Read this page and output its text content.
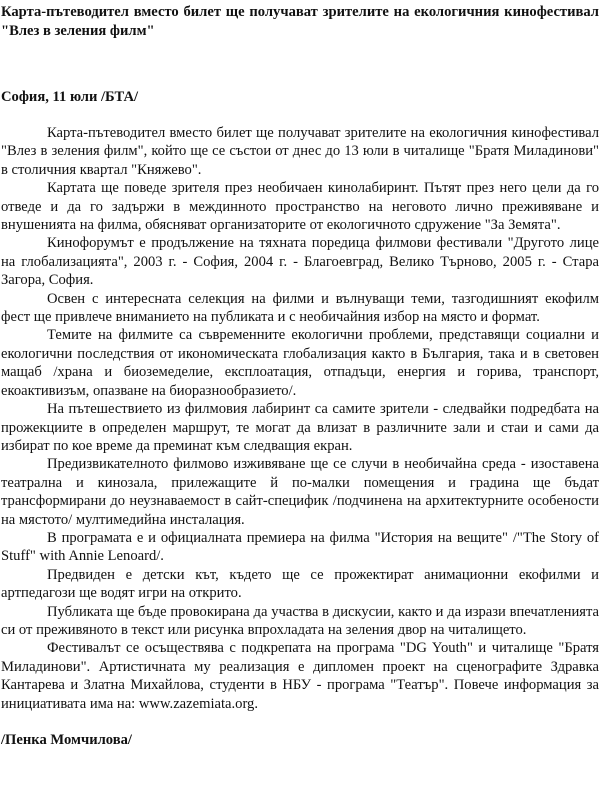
Карта-пътеводител вместо билет ще получават зрителите на екологичния кинофестивал "Влез в зеления филм"

София, 11 юли /БТА/

Карта-пътеводител вместо билет ще получават зрителите на екологичния кинофестивал "Влез в зеления филм", който ще се състои от днес до 13 юли в читалище "Братя Миладинови" в столичния квартал "Княжево".

Картата ще поведе зрителя през необичаен кинолабиринт. Пътят през него цели да го отведе и да го задържи в междинното пространство на неговото лично преживяване и внушенията на филма, обясняват организаторите от екологичното сдружение "За Земята".

Кинофорумът е продължение на тяхната поредица филмови фестивали "Другото лице на глобализацията", 2003 г. - София, 2004 г. - Благоевград, Велико Търново, 2005 г. - Стара Загора, София.

Освен с интересната селекция на филми и вълнуващи теми, тазгодишният екофилм фест ще привлече вниманието на публиката и с необичайния избор на място и формат.

Темите на филмите са съвременните екологични проблеми, представящи социални и екологични последствия от икономическата глобализация както в България, така и в световен мащаб /храна и биоземеделие, експлоатация, отпадъци, енергия и горива, транспорт, екоактивизъм, опазване на биоразнообразието/.

На пътешествието из филмовия лабиринт са самите зрители - следвайки подредбата на прожекциите в определен маршрут, те могат да влизат в различните зали и стаи и сами да избират по кое време да преминат към следващия екран.

Предизвикателното филмово изживяване ще се случи в необичайна среда - изоставена театрална и кинозала, прилежащите й по-малки помещения и градина ще бъдат трансформирани до неузнаваемост в сайт-специфик /подчинена на архитектурните особености на мястото/ мултимедийна инсталация.

В програмата е и официалната премиера на филма "История на вещите" /"The Story of Stuff" with Annie Lenoard/.

Предвиден е детски кът, където ще се прожектират анимационни екофилми и артпедагози ще водят игри на открито.

Публиката ще бъде провокирана да участва в дискусии, както и да изрази впечатленията си от преживяното в текст или рисунка впрохладата на зеления двор на читалището.

Фестивалът се осъществява с подкрепата на програма "DG Youth" и читалище "Братя Миладинови". Артистичната му реализация е дипломен проект на сценографите Здравка Кантарева и Златна Михайлова, студенти в НБУ - програма "Театър". Повече информация за инициативата има на: www.zazemiata.org.

/Пенка Момчилова/
